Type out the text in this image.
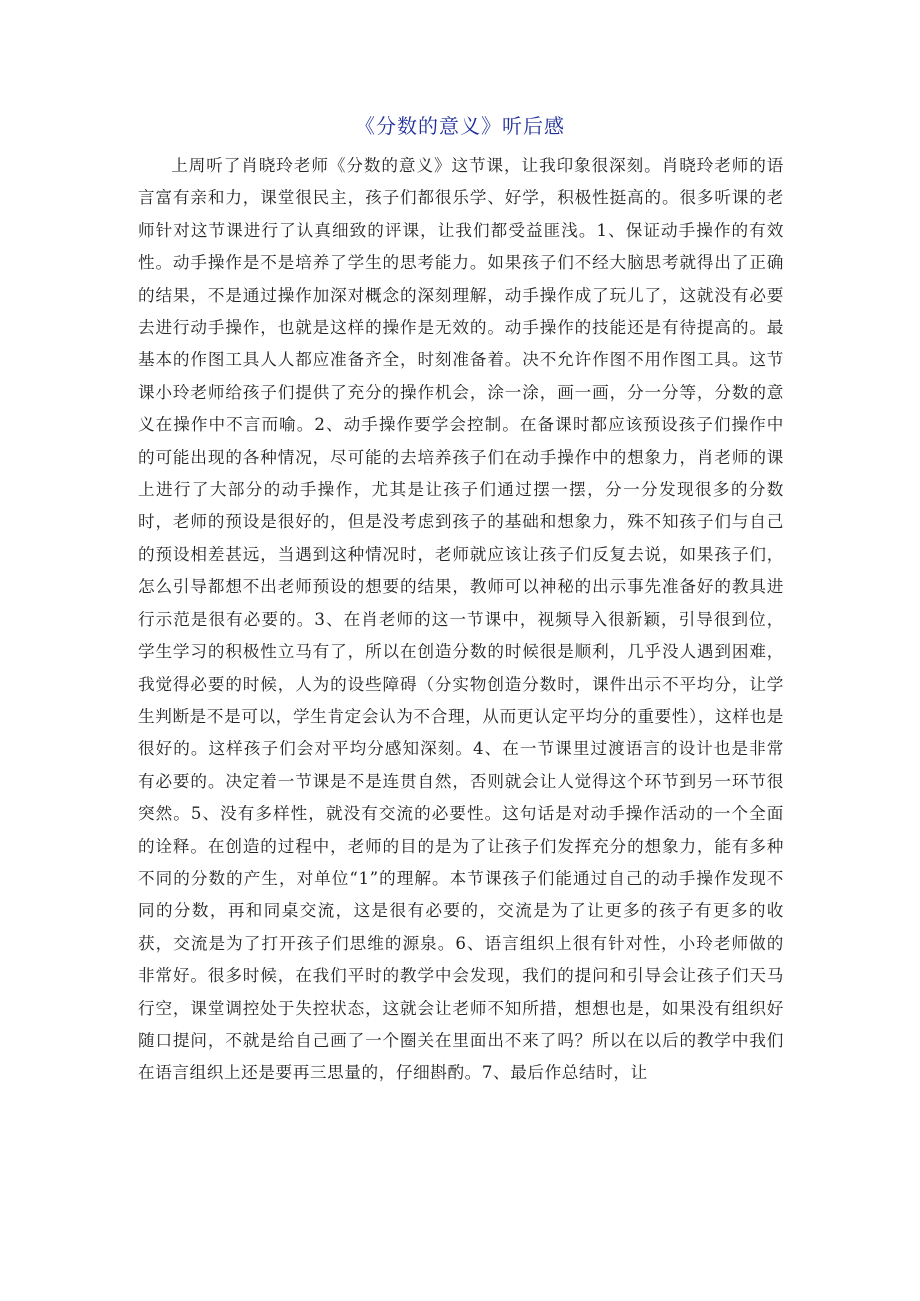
《分数的意义》听后感

上周听了肖晓玲老师《分数的意义》这节课，让我印象很深刻。肖晓玲老师的语言富有亲和力，课堂很民主，孩子们都很乐学、好学，积极性挺高的。很多听课的老师针对这节课进行了认真细致的评课，让我们都受益匪浅。1、保证动手操作的有效性。动手操作是不是培养了学生的思考能力。如果孩子们不经大脑思考就得出了正确的结果，不是通过操作加深对概念的深刻理解，动手操作成了玩儿了，这就没有必要去进行动手操作，也就是这样的操作是无效的。动手操作的技能还是有待提高的。最基本的作图工具人人都应准备齐全，时刻准备着。决不允许作图不用作图工具。这节课小玲老师给孩子们提供了充分的操作机会，涂一涂，画一画，分一分等，分数的意义在操作中不言而喻。2、动手操作要学会控制。在备课时都应该预设孩子们操作中的可能出现的各种情况，尽可能的去培养孩子们在动手操作中的想象力，肖老师的课上进行了大部分的动手操作，尤其是让孩子们通过摆一摆，分一分发现很多的分数时，老师的预设是很好的，但是没考虑到孩子的基础和想象力，殊不知孩子们与自己的预设相差甚远，当遇到这种情况时，老师就应该让孩子们反复去说，如果孩子们，怎么引导都想不出老师预设的想要的结果，教师可以神秘的出示事先准备好的教具进行示范是很有必要的。3、在肖老师的这一节课中，视频导入很新颖，引导很到位，学生学习的积极性立马有了，所以在创造分数的时候很是顺利，几乎没人遇到困难，我觉得必要的时候，人为的设些障碍（分实物创造分数时，课件出示不平均分，让学生判断是不是可以，学生肯定会认为不合理，从而更认定平均分的重要性），这样也是很好的。这样孩子们会对平均分感知深刻。4、在一节课里过渡语言的设计也是非常有必要的。决定着一节课是不是连贯自然，否则就会让人觉得这个环节到另一环节很突然。5、没有多样性，就没有交流的必要性。这句话是对动手操作活动的一个全面的诠释。在创造的过程中，老师的目的是为了让孩子们发挥充分的想象力，能有多种不同的分数的产生，对单位“1”的理解。本节课孩子们能通过自己的动手操作发现不同的分数，再和同桌交流，这是很有必要的，交流是为了让更多的孩子有更多的收获，交流是为了打开孩子们思维的源泉。6、语言组织上很有针对性，小玲老师做的非常好。很多时候，在我们平时的教学中会发现，我们的提问和引导会让孩子们天马行空，课堂调控处于失控状态，这就会让老师不知所措，想想也是，如果没有组织好随口提问，不就是给自己画了一个圈关在里面出不来了吗？所以在以后的教学中我们在语言组织上还是要再三思量的，仔细斟酌。7、最后作总结时，让
